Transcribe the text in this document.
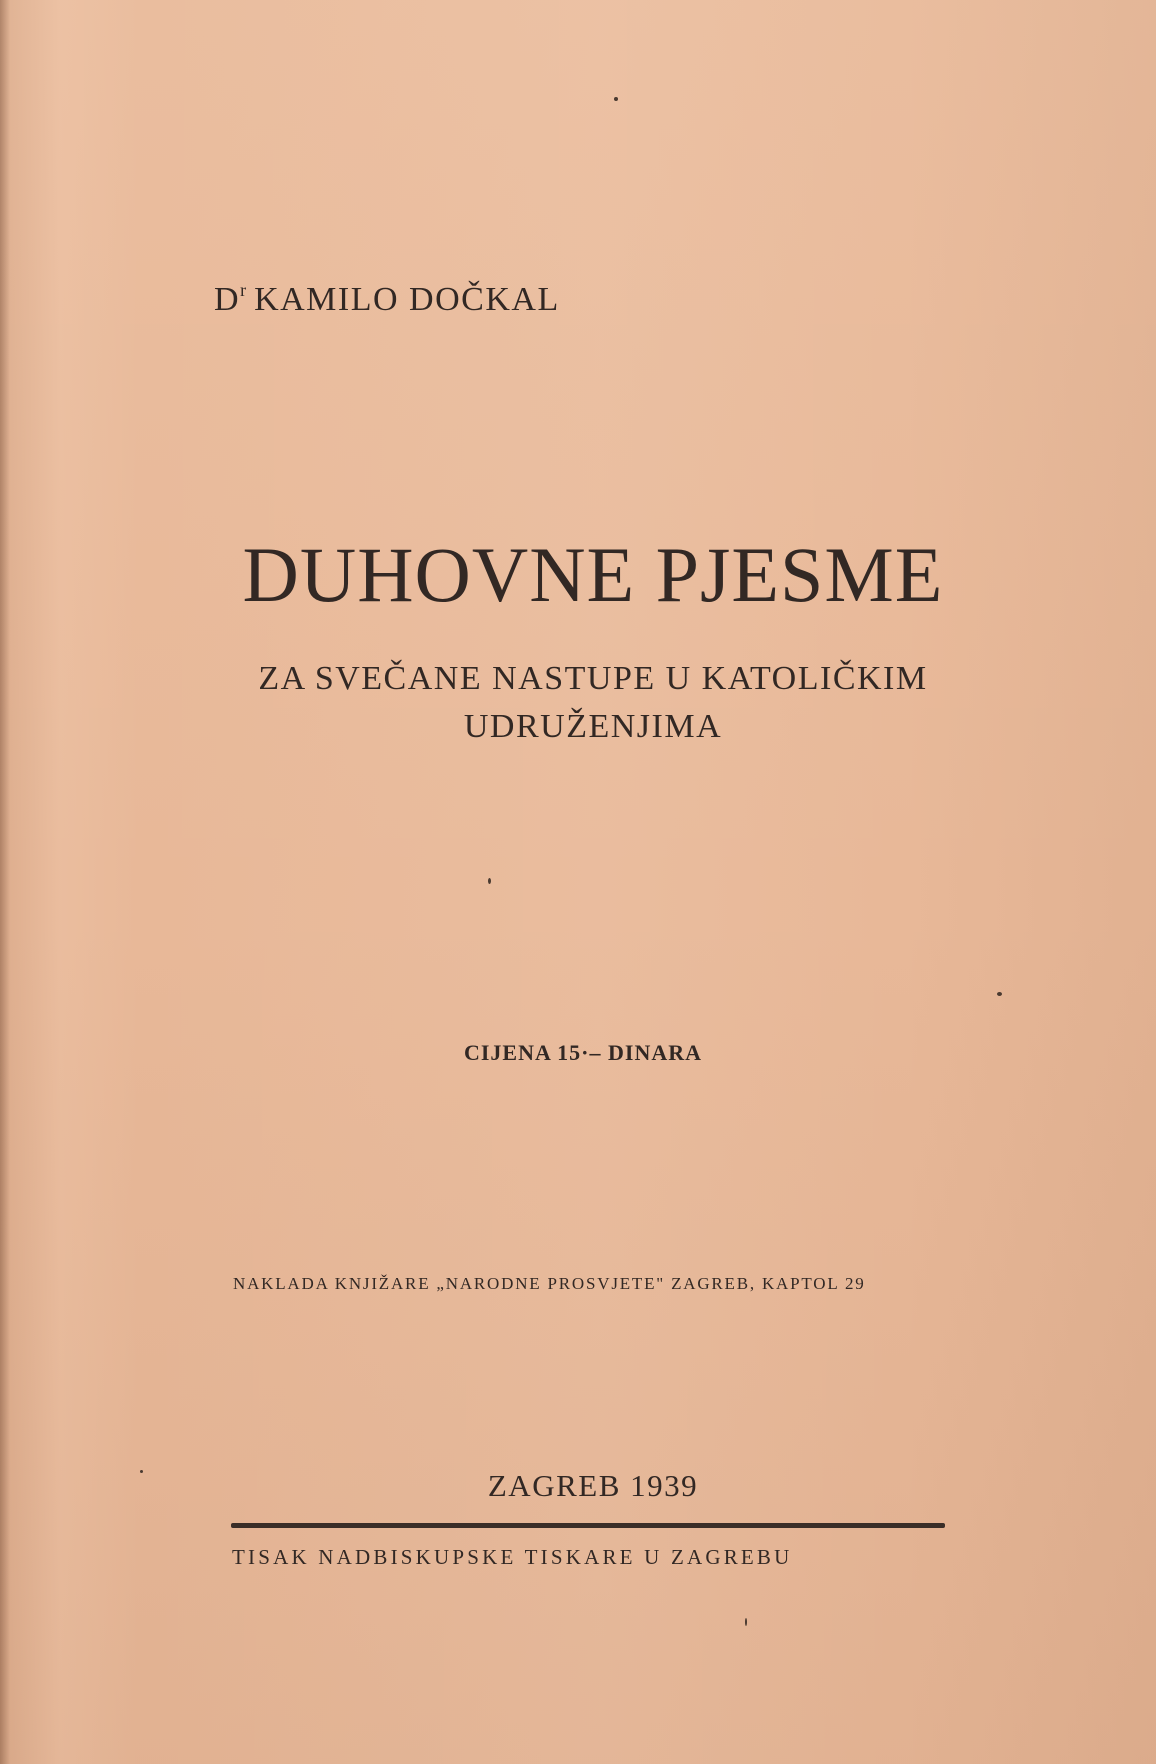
$D^r$ KAMILO DOČKAL
DUHOVNE PJESME
ZA SVEČANE NASTUPE U KATOLIČKIM
UDRUŽENJIMA
CIJENA 15·– DINARA
NAKLADA KNJIŽARE „NARODNE PROSVJETE" ZAGREB, KAPTOL 29
ZAGREB 1939
TISAK NADBISKUPSKE TISKARE U ZAGREBU
